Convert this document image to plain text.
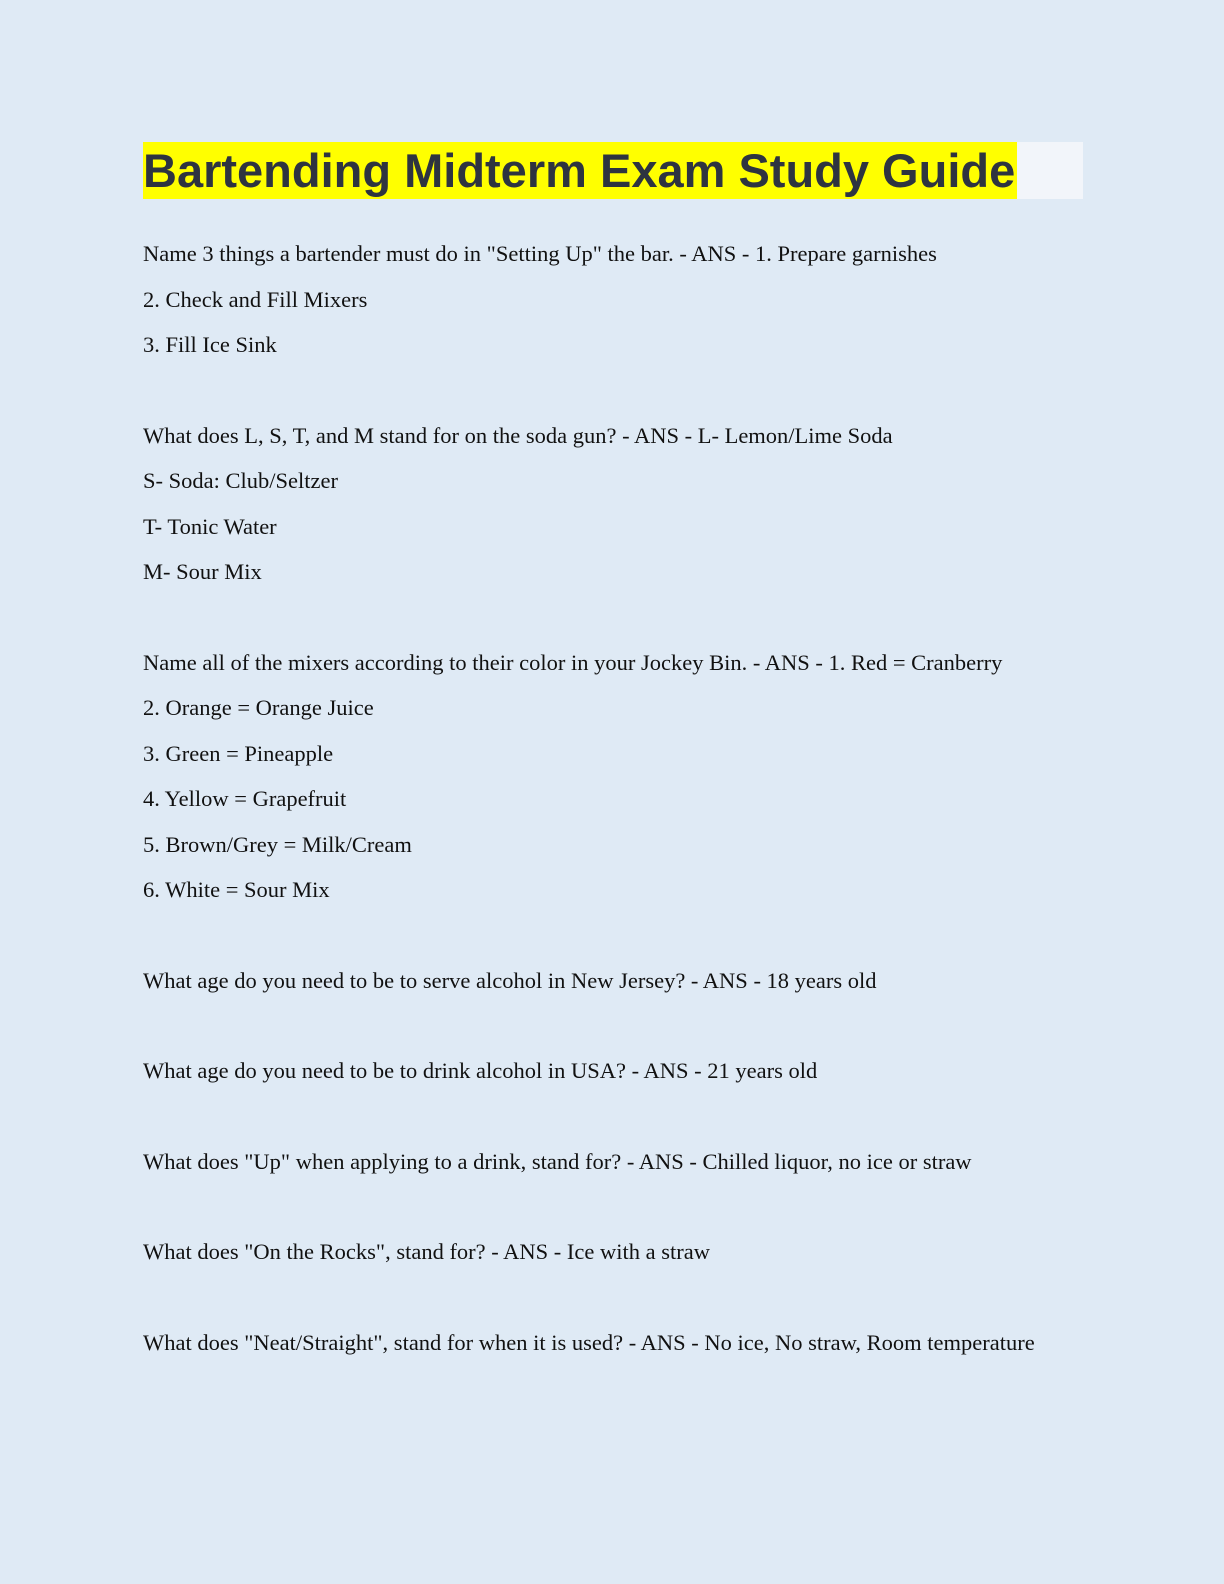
Bartending Midterm Exam Study Guide

Name 3 things a bartender must do in "Setting Up" the bar. - ANS - 1. Prepare garnishes

2. Check and Fill Mixers

3. Fill Ice Sink

What does L, S, T, and M stand for on the soda gun? - ANS - L- Lemon/Lime Soda

S- Soda: Club/Seltzer

T- Tonic Water

M- Sour Mix

Name all of the mixers according to their color in your Jockey Bin. - ANS - 1. Red = Cranberry

2. Orange = Orange Juice

3. Green = Pineapple

4. Yellow = Grapefruit

5. Brown/Grey = Milk/Cream

6. White = Sour Mix

What age do you need to be to serve alcohol in New Jersey? - ANS - 18 years old

What age do you need to be to drink alcohol in USA? - ANS - 21 years old

What does "Up" when applying to a drink, stand for? - ANS - Chilled liquor, no ice or straw

What does "On the Rocks", stand for? - ANS - Ice with a straw

What does "Neat/Straight", stand for when it is used? - ANS - No ice, No straw, Room temperature
